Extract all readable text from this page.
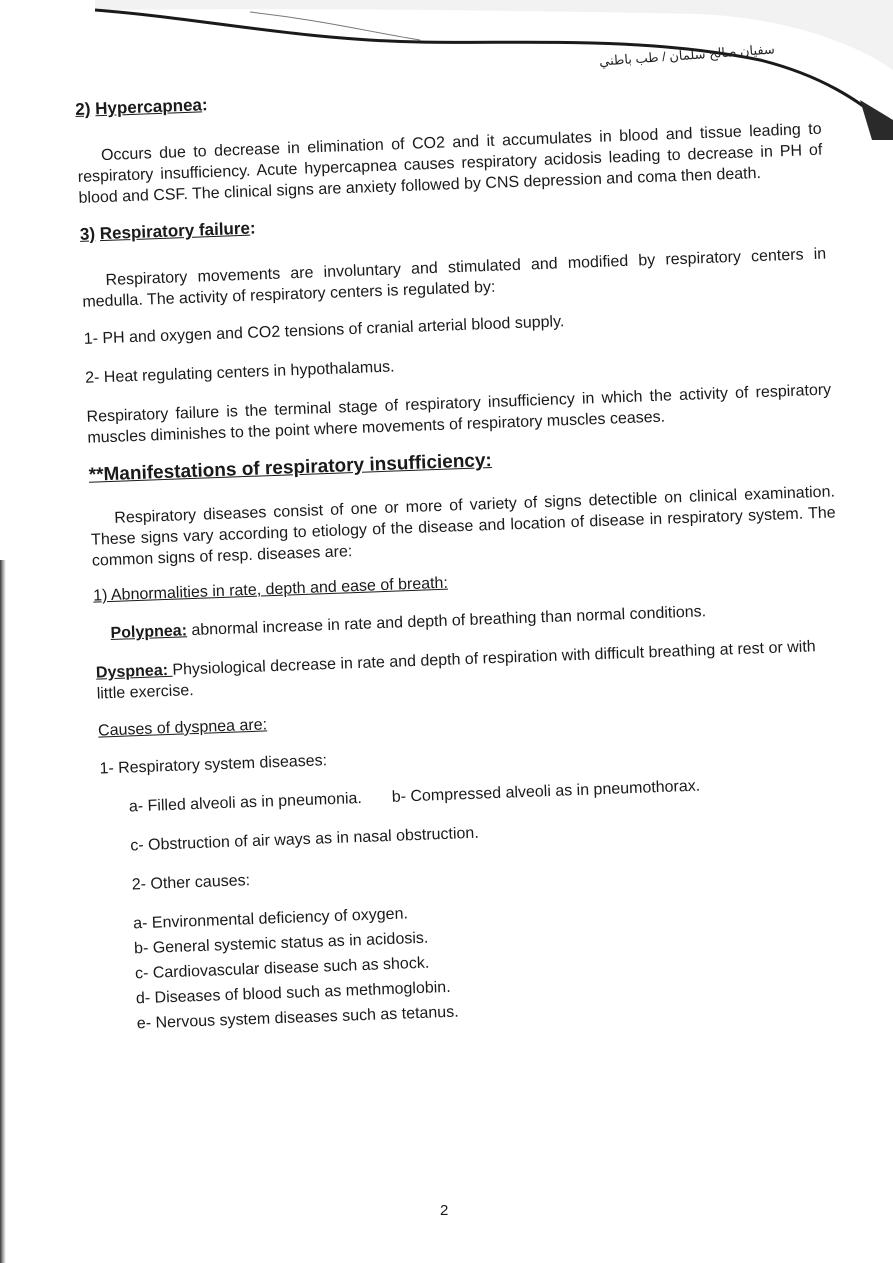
سفيان صالح سلمان / طب باطني
2) Hypercapnea:

Occurs due to decrease in elimination of CO2 and it accumulates in blood and tissue leading to respiratory insufficiency. Acute hypercapnea causes respiratory acidosis leading to decrease in PH of blood and CSF. The clinical signs are anxiety followed by CNS depression and coma then death.

3) Respiratory failure:

Respiratory movements are involuntary and stimulated and modified by respiratory centers in medulla. The activity of respiratory centers is regulated by:

1- PH and oxygen and CO2 tensions of cranial arterial blood supply.
2- Heat regulating centers in hypothalamus.

Respiratory failure is the terminal stage of respiratory insufficiency in which the activity of respiratory muscles diminishes to the point where movements of respiratory muscles ceases.

**Manifestations of respiratory insufficiency:

Respiratory diseases consist of one or more of variety of signs detectible on clinical examination. These signs vary according to etiology of the disease and location of disease in respiratory system. The common signs of resp. diseases are:

1) Abnormalities in rate, depth and ease of breath:
Polypnea: abnormal increase in rate and depth of breathing than normal conditions.
Dyspnea: Physiological decrease in rate and depth of respiration with difficult breathing at rest or with little exercise.
Causes of dyspnea are:
1- Respiratory system diseases:
a- Filled alveoli as in pneumonia. b- Compressed alveoli as in pneumothorax.
c- Obstruction of air ways as in nasal obstruction.
2- Other causes:
a- Environmental deficiency of oxygen.
b- General systemic status as in acidosis.
c- Cardiovascular disease such as shock.
d- Diseases of blood such as methmoglobin.
e- Nervous system diseases such as tetanus.
2
